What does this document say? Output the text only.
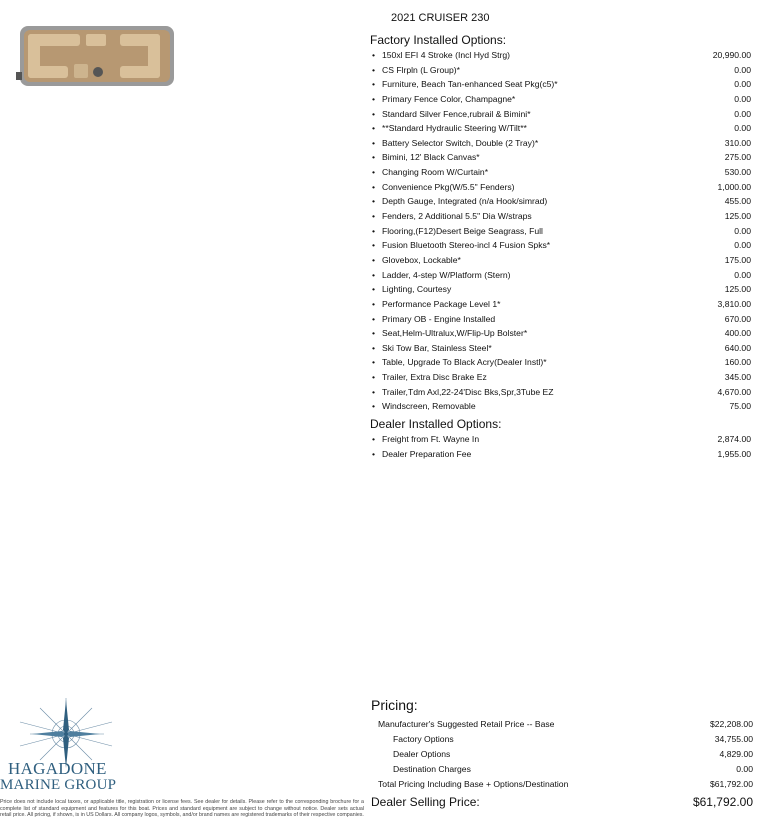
2021 CRUISER 230
Factory Installed Options:
• 150xl EFI 4 Stroke (Incl Hyd Strg)	20,990.00
• CS Flrpln (L Group)*	0.00
• Furniture, Beach Tan-enhanced Seat Pkg(c5)*	0.00
• Primary Fence Color, Champagne*	0.00
• Standard Silver Fence,rubrail & Bimini*	0.00
• **Standard Hydraulic Steering W/Tilt**	0.00
• Battery Selector Switch, Double (2 Tray)*	310.00
• Bimini, 12' Black Canvas*	275.00
• Changing Room W/Curtain*	530.00
• Convenience Pkg(W/5.5" Fenders)	1,000.00
• Depth Gauge, Integrated (n/a Hook/simrad)	455.00
• Fenders, 2 Additional 5.5" Dia W/straps	125.00
• Flooring,(F12)Desert Beige Seagrass, Full	0.00
• Fusion Bluetooth Stereo-incl 4 Fusion Spks*	0.00
• Glovebox, Lockable*	175.00
• Ladder, 4-step W/Platform (Stern)	0.00
• Lighting, Courtesy	125.00
• Performance Package Level 1*	3,810.00
• Primary OB - Engine Installed	670.00
• Seat,Helm-Ultralux,W/Flip-Up Bolster*	400.00
• Ski Tow Bar, Stainless Steel*	640.00
• Table, Upgrade To Black Acry(Dealer Instl)*	160.00
• Trailer, Extra Disc Brake Ez	345.00
• Trailer,Tdm Axl,22-24'Disc Bks,Spr,3Tube EZ	4,670.00
• Windscreen, Removable	75.00
Dealer Installed Options:
• Freight from Ft. Wayne In	2,874.00
• Dealer Preparation Fee	1,955.00
Pricing:
Manufacturer's Suggested Retail Price -- Base	$22,208.00
Factory Options	34,755.00
Dealer Options	4,829.00
Destination Charges	0.00
Total Pricing Including Base + Options/Destination	$61,792.00
Dealer Selling Price:	$61,792.00
HAGADONE
MARINE GROUP
Price does not include local taxes, or applicable title, registration or license fees. See dealer for details. Please refer to the corresponding brochure for a complete list of standard equipment and features for this boat. Prices and standard equipment are subject to change without notice. Dealer sets actual retail price. All pricing, if shown, is in US Dollars. All company logos, symbols, and/or brand names are registered trademarks of their respective companies.
